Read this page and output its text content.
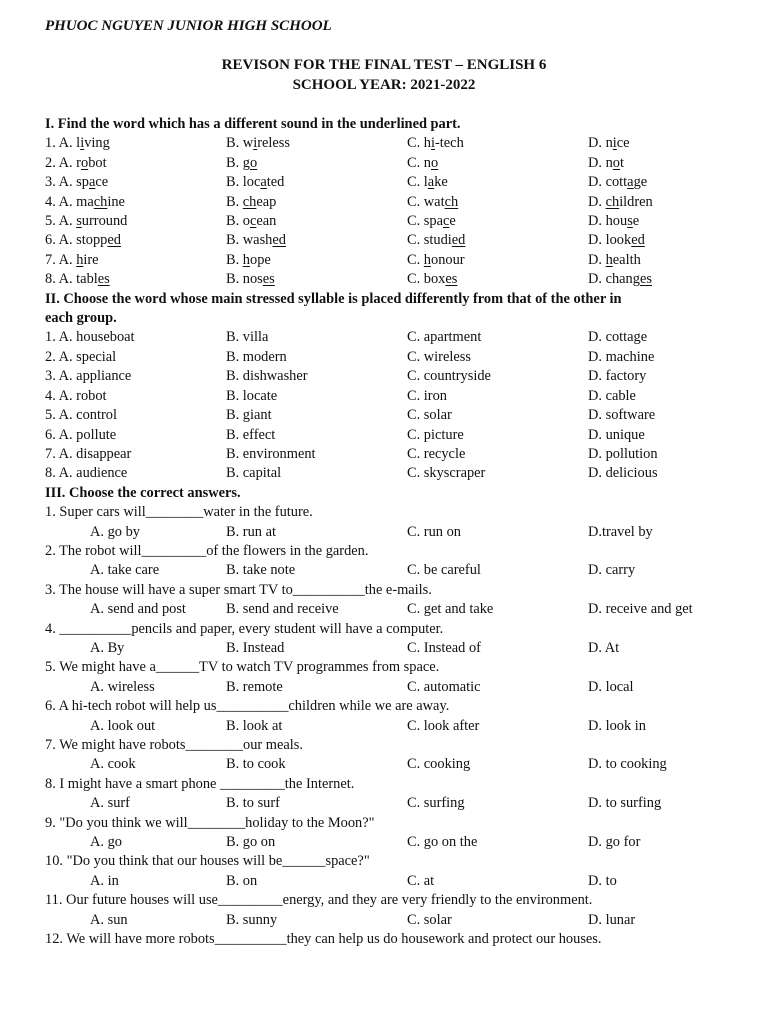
PHUOC NGUYEN JUNIOR HIGH SCHOOL
REVISON FOR THE FINAL TEST – ENGLISH 6
SCHOOL YEAR: 2021-2022
I. Find the word which has a different sound in the underlined part.
1. A. living	B. wireless	C. hi-tech	D. nice
2. A. robot	B. go	C. no	D. not
3. A. space	B. located	C. lake	D. cottage
4. A. machine	B. cheap	C. watch	D. children
5. A. surround	B. ocean	C. space	D. house
6. A. stopped	B. washed	C. studied	D. looked
7. A. hire	B. hope	C. honour	D. health
8. A. tables	B. noses	C. boxes	D. changes
II. Choose the word whose main stressed syllable is placed differently from that of the other in
each group.
1. A. houseboat	B. villa	C. apartment	D. cottage
2. A. special	B. modern	C. wireless	D. machine
3. A. appliance	B. dishwasher	C. countryside	D. factory
4. A. robot	B. locate	C. iron	D. cable
5. A. control	B. giant	C. solar	D. software
6. A. pollute	B. effect	C. picture	D. unique
7. A. disappear	B. environment	C. recycle	D. pollution
8. A. audience	B. capital	C. skyscraper	D. delicious
III. Choose the correct answers.
1. Super cars will________water in the future.
A. go by	B. run at	C. run on	D.travel by
2. The robot will_________of the flowers in the garden.
A. take care	B. take note	C. be careful	D. carry
3. The house will have a super smart TV to__________the e-mails.
A. send and post	B. send and receive	C. get and take	D. receive and get
4. __________pencils and paper, every student will have a computer.
A. By	B. Instead	C. Instead of	D. At
5. We might have a______TV to watch TV programmes from space.
A. wireless	B. remote	C. automatic	D. local
6. A hi-tech robot will help us__________children while we are away.
A. look out	B. look at	C. look after	D. look in
7. We might have robots________our meals.
A. cook	B. to cook	C. cooking	D. to cooking
8. I might have a smart phone _________the Internet.
A. surf	B. to surf	C. surfing	D. to surfing
9. "Do you think we will________holiday to the Moon?"
A. go	B. go on	C. go on the	D. go for
10. "Do you think that our houses will be______space?"
A. in	B. on	C. at	D. to
11. Our future houses will use_________energy, and they are very friendly to the environment.
A. sun	B. sunny	C. solar	D. lunar
12. We will have more robots__________they can help us do housework and protect our houses.
